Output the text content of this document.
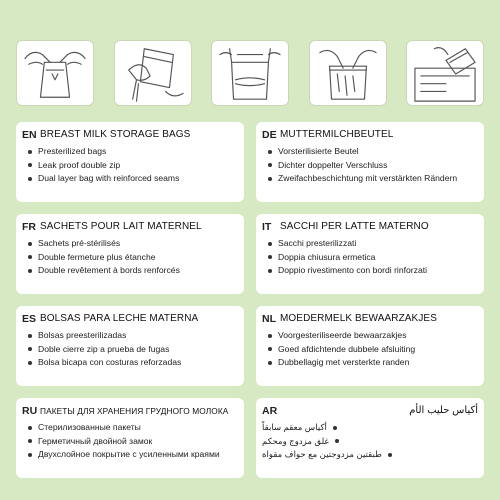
EN BREAST MILK STORAGE BAGS
Presterilized bags
Leak proof double zip
Dual layer bag with reinforced seams
DE MUTTERMILCHBEUTEL
Vorsterilisierte Beutel
Dichter doppelter Verschluss
Zweifachbeschichtung mit verstärkten Rändern
FR SACHETS POUR LAIT MATERNEL
Sachets pré-stérilisés
Double fermeture plus étanche
Double revêtement à bords renforcés
IT SACCHI PER LATTE MATERNO
Sacchi presterilizzati
Doppia chiusura ermetica
Doppio rivestimento con bordi rinforzati
ES BOLSAS PARA LECHE MATERNA
Bolsas preesterilizadas
Doble cierre zip a prueba de fugas
Bolsa bicapa con costuras reforzadas
NL MOEDERMELK BEWAARZAKJES
Voorgesteriliseerde bewaarzakjes
Goed afdichtende dubbele afsluiting
Dubbellagig met versterkte randen
RU ПАКЕТЫ ДЛЯ ХРАНЕНИЯ ГРУДНОГО МОЛОКА
Стерилизованные пакеты
Герметичный двойной замок
Двухслойное покрытие с усиленными краями
AR	أكياس حليب الأم
أكياس معقم سابقاً
غلق مزدوج ومحكم
طبقتين مزدوجتين مع حواف مقواة
